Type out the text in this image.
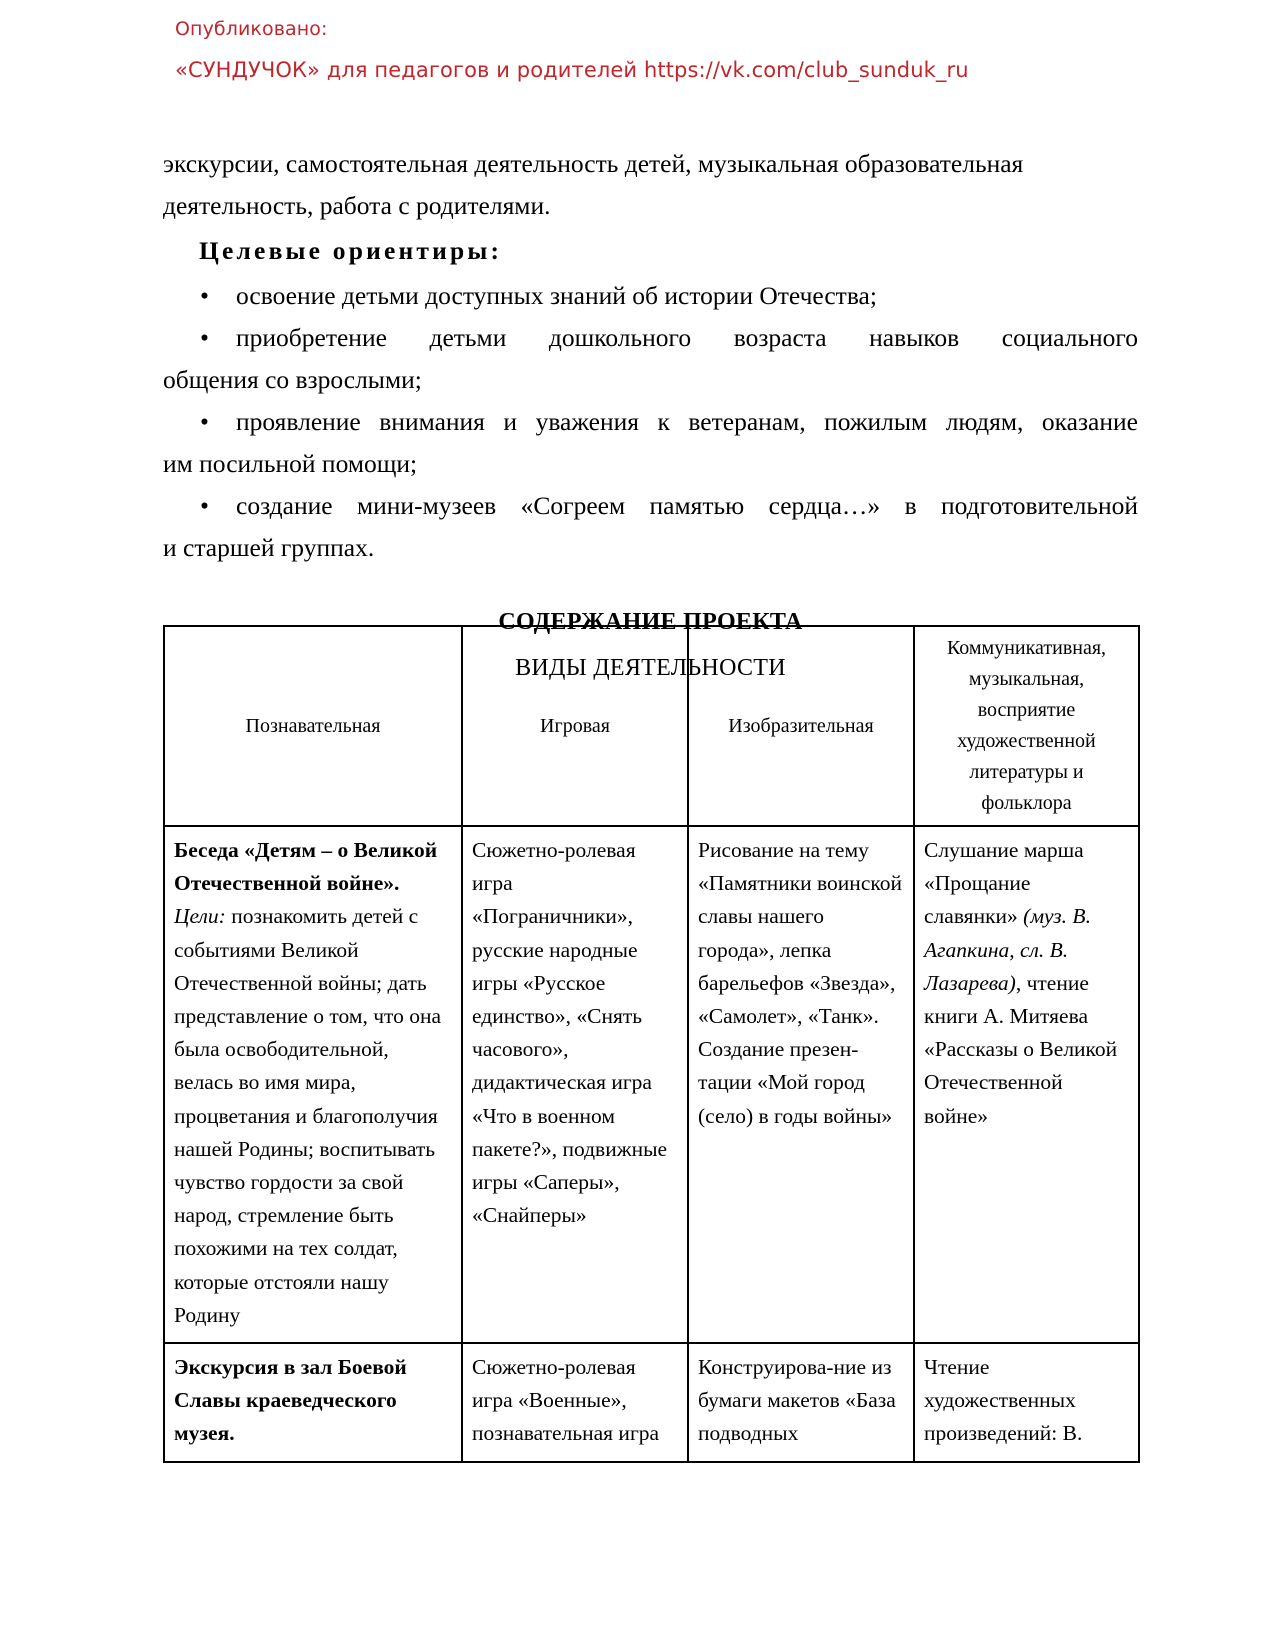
Опубликовано:
«СУНДУЧОК» для педагогов и родителей https://vk.com/club_sunduk_ru

экскурсии, самостоятельная деятельность детей, музыкальная образовательная

деятельность, работа с родителями.

Целевые ориентиры:

• освоение детьми доступных знаний об истории Отечества;
• приобретение детьми дошкольного возраста навыков социального
общения со взрослыми;
• проявление внимания и уважения к ветеранам, пожилым людям, оказание
им посильной помощи;
• создание мини-музеев «Согреем памятью сердца…» в подготовительной
и старшей группах.

СОДЕРЖАНИЕ ПРОЕКТА

ВИДЫ ДЕЯТЕЛЬНОСТИ

Познавательная	Игровая	Изобразительная	Коммуникативная, музыкальная, восприятие художественной литературы и фольклора
Беседа «Детям – о Великой Отечественной войне». Цели: познакомить детей с событиями Великой Отечественной войны; дать представление о том, что она была освободительной, велась во имя мира, процветания и благополучия нашей Родины; воспитывать чувство гордости за свой народ, стремление быть похожими на тех солдат, которые отстояли нашу Родину	Сюжетно-ролевая игра «Пограничники», русские народные игры «Русское единство», «Снять часового», дидактическая игра «Что в военном пакете?», подвижные игры «Саперы», «Снайперы»	Рисование на тему «Памятники воинской славы нашего города», лепка барельефов «Звезда», «Самолет», «Танк». Создание презен-тации «Мой город (село) в годы войны»	Слушание марша «Прощание славянки» (муз. В. Агапкина, сл. В. Лазарева), чтение книги А. Митяева «Рассказы о Великой Отечественной войне»
Экскурсия в зал Боевой Славы краеведческого музея.	Сюжетно-ролевая игра «Военные», познавательная игра	Конструирова-ние из бумаги макетов «База подводных	Чтение художественных произведений: В.
